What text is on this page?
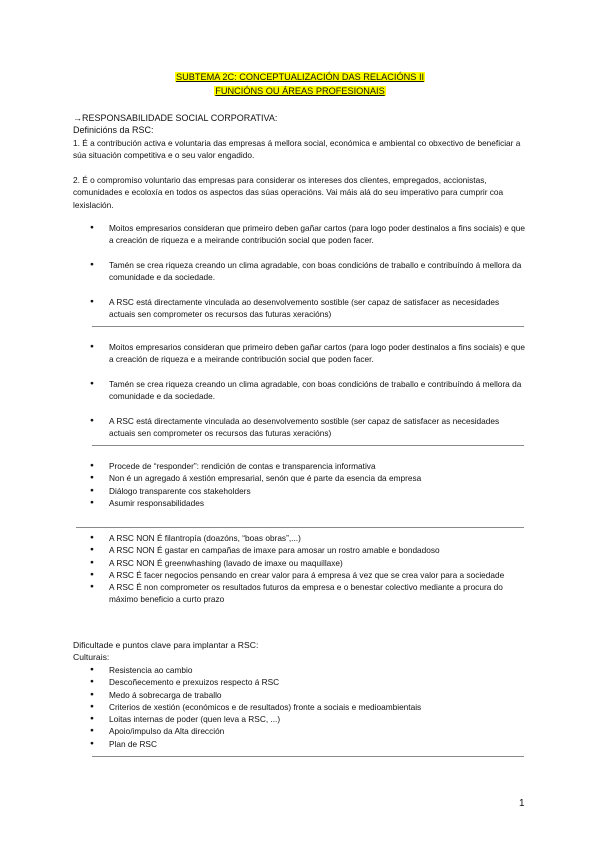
SUBTEMA 2C: CONCEPTUALIZACIÓN DAS RELACIÓNS II
FUNCIÓNS OU ÁREAS PROFESIONAIS
→RESPONSABILIDADE SOCIAL CORPORATIVA:
Definicións da RSC:
1. É a contribución activa e voluntaria das empresas á mellora social, económica e ambiental co obxectivo de beneficiar a súa situación competitiva e o seu valor engadido.
2. É o compromiso voluntario das empresas para considerar os intereses dos clientes, empregados, accionistas, comunidades e ecoloxía en todos os aspectos das súas operacións. Vai máis alá do seu imperativo para cumprir coa lexislación.
● Moitos empresarios consideran que primeiro deben gañar cartos (para logo poder destinalos a fins sociais) e que a creación de riqueza e a meirande contribución social que poden facer.
● Tamén se crea riqueza creando un clima agradable, con boas condicións de traballo e contribuíndo á mellora da comunidade e da sociedade.
● A RSC está directamente vinculada ao desenvolvemento sostible (ser capaz de satisfacer as necesidades actuais sen comprometer os recursos das futuras xeracións)
● Moitos empresarios consideran que primeiro deben gañar cartos (para logo poder destinalos a fins sociais) e que a creación de riqueza e a meirande contribución social que poden facer.
● Tamén se crea riqueza creando un clima agradable, con boas condicións de traballo e contribuíndo á mellora da comunidade e da sociedade.
● A RSC está directamente vinculada ao desenvolvemento sostible (ser capaz de satisfacer as necesidades actuais sen comprometer os recursos das futuras xeracións)
● Procede de “responder”: rendición de contas e transparencia informativa
● Non é un agregado á xestión empresarial, senón que é parte da esencia da empresa
● Diálogo transparente cos stakeholders
● Asumir responsabilidades
● A RSC NON É filantropía (doazóns, “boas obras”,...)
● A RSC NON É gastar en campañas de imaxe para amosar un rostro amable e bondadoso
● A RSC NON É greenwhashing (lavado de imaxe ou maquillaxe)
● A RSC É facer negocios pensando en crear valor para á empresa á vez que se crea valor para a sociedade
● A RSC É non comprometer os resultados futuros da empresa e o benestar colectivo mediante a procura do máximo beneficio a curto prazo
Dificultade e puntos clave para implantar a RSC:
Culturais:
● Resistencia ao cambio
● Descoñecemento e prexuizos respecto á RSC
● Medo á sobrecarga de traballo
● Criterios de xestión (económicos e de resultados) fronte a sociais e medioambientais
● Loitas internas de poder (quen leva a RSC, ...)
● Apoio/impulso da Alta dirección
● Plan de RSC
1
